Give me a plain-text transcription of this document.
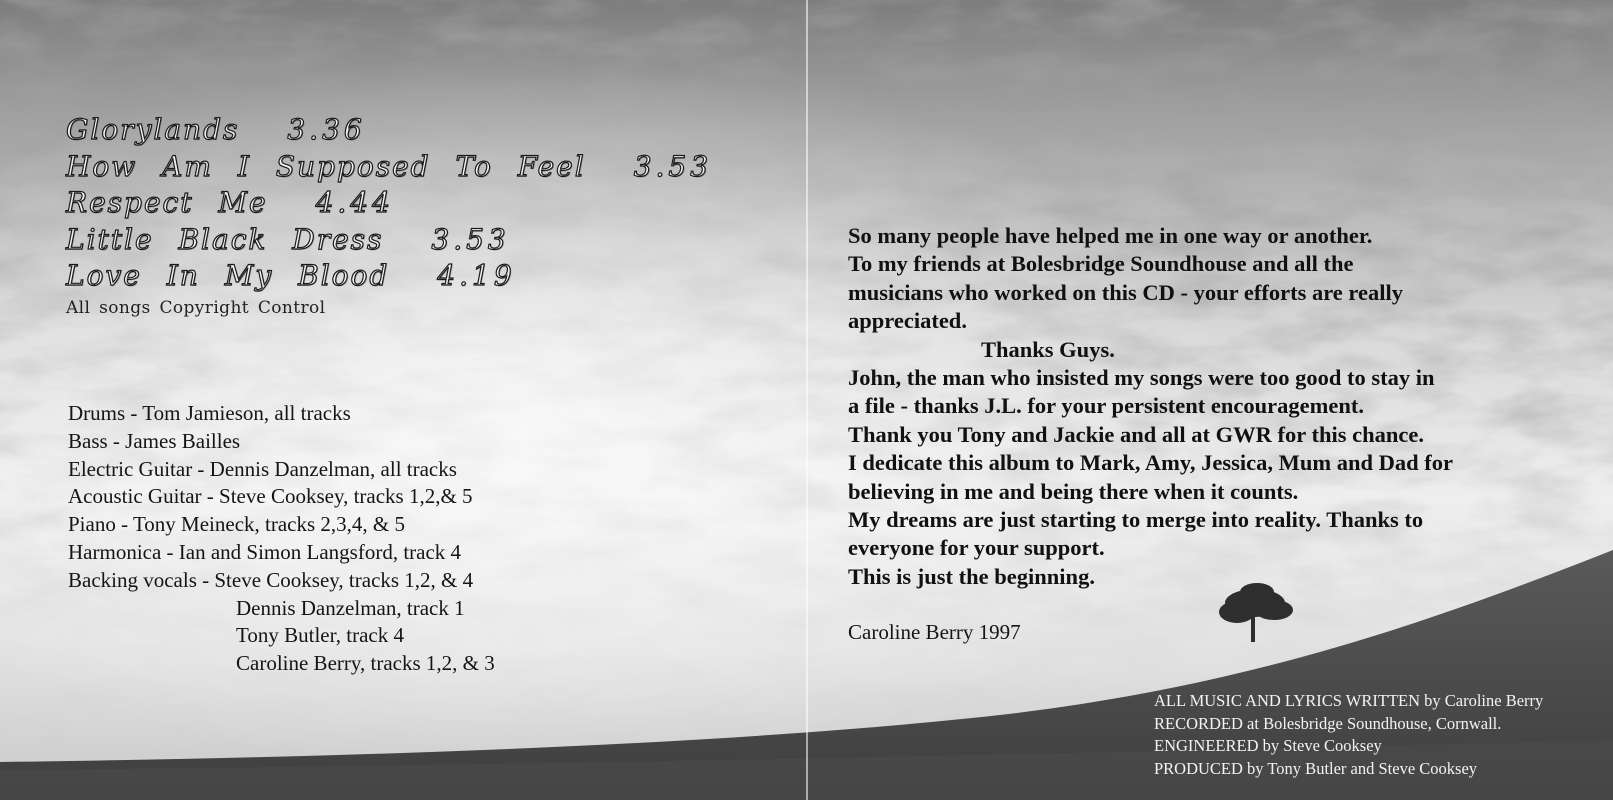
Glorylands 3.36
How Am I Supposed To Feel 3.53
Respect Me 4.44
Little Black Dress 3.53
Love In My Blood 4.19
All songs Copyright Control
Drums - Tom Jamieson, all tracks
Bass - James Bailles
Electric Guitar - Dennis Danzelman, all tracks
Acoustic Guitar - Steve Cooksey, tracks 1,2,& 5
Piano - Tony Meineck, tracks 2,3,4, & 5
Harmonica - Ian and Simon Langsford, track 4
Backing vocals - Steve Cooksey, tracks 1,2, & 4
Dennis Danzelman, track 1
Tony Butler, track 4
Caroline Berry, tracks 1,2, & 3
So many people have helped me in one way or another.
To my friends at Bolesbridge Soundhouse and all the
musicians who worked on this CD - your efforts are really
appreciated.
Thanks Guys.
John, the man who insisted my songs were too good to stay in
a file - thanks J.L. for your persistent encouragement.
Thank you Tony and Jackie and all at GWR for this chance.
I dedicate this album to Mark, Amy, Jessica, Mum and Dad for
believing in me and being there when it counts.
My dreams are just starting to merge into reality. Thanks to
everyone for your support.
This is just the beginning.
Caroline Berry 1997
ALL MUSIC AND LYRICS WRITTEN by Caroline Berry
RECORDED at Bolesbridge Soundhouse, Cornwall.
ENGINEERED by Steve Cooksey
PRODUCED by Tony Butler and Steve Cooksey
